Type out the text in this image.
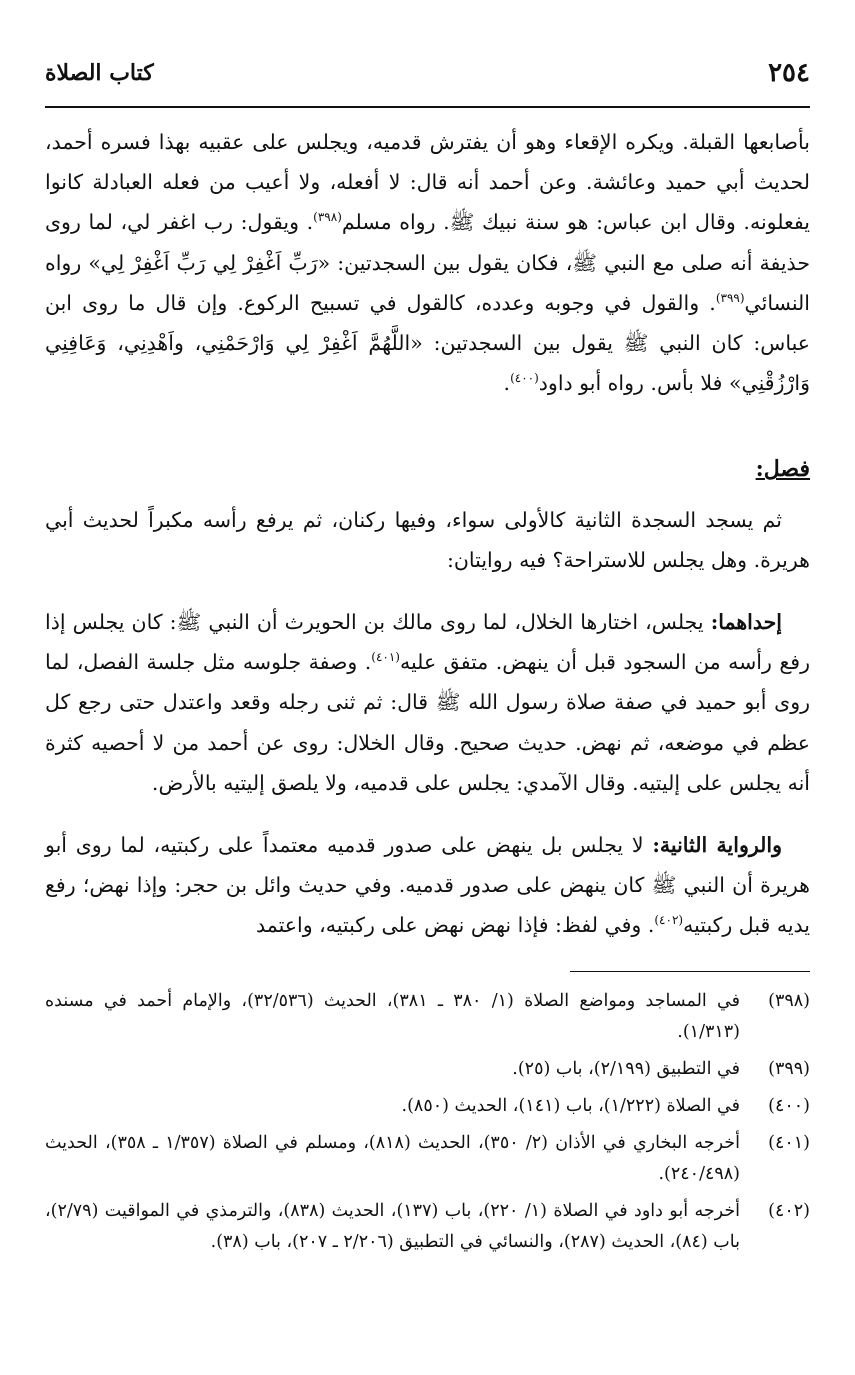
٢٥٤
كتاب الصلاة

بأصابعها القبلة. ويكره الإقعاء وهو أن يفترش قدميه، ويجلس على عقبيه بهذا فسره أحمد، لحديث أبي حميد وعائشة. وعن أحمد أنه قال: لا أفعله، ولا أعيب من فعله العبادلة كانوا يفعلونه. وقال ابن عباس: هو سنة نبيك ﷺ. رواه مسلم$^{(٣٩٨)}$. ويقول: رب اغفر لي، لما روى حذيفة أنه صلى مع النبي ﷺ، فكان يقول بين السجدتين: «رَبِّ اَغْفِرْ لِي رَبِّ اَغْفِرْ لِي» رواه النسائي$^{(٣٩٩)}$. والقول في وجوبه وعدده، كالقول في تسبيح الركوع. وإن قال ما روى ابن عباس: كان النبي ﷺ يقول بين السجدتين: «اللَّهُمَّ اَغْفِرْ لِي وَارْحَمْنِي، واَهْدِنِي، وَعَافِنِي وَارْزُقْنِي» فلا بأس. رواه أبو داود$^{(٤٠٠)}$.

فصل:

ثم يسجد السجدة الثانية كالأولى سواء، وفيها ركنان، ثم يرفع رأسه مكبراً لحديث أبي هريرة. وهل يجلس للاستراحة؟ فيه روايتان:

إحداهما: يجلس، اختارها الخلال، لما روى مالك بن الحويرث أن النبي ﷺ: كان يجلس إذا رفع رأسه من السجود قبل أن ينهض. متفق عليه$^{(٤٠١)}$. وصفة جلوسه مثل جلسة الفصل، لما روى أبو حميد في صفة صلاة رسول الله ﷺ قال: ثم ثنى رجله وقعد واعتدل حتى رجع كل عظم في موضعه، ثم نهض. حديث صحيح. وقال الخلال: روى عن أحمد من لا أحصيه كثرة أنه يجلس على إليتيه. وقال الآمدي: يجلس على قدميه، ولا يلصق إليتيه بالأرض.

والرواية الثانية: لا يجلس بل ينهض على صدور قدميه معتمداً على ركبتيه، لما روى أبو هريرة أن النبي ﷺ كان ينهض على صدور قدميه. وفي حديث وائل بن حجر: وإذا نهض؛ رفع يديه قبل ركبتيه$^{(٤٠٢)}$. وفي لفظ: فإذا نهض نهض على ركبتيه، واعتمد

(٣٩٨)
في المساجد ومواضع الصلاة (١/ ٣٨٠ ـ ٣٨١)، الحديث (٣٢/٥٣٦)، والإمام أحمد في مسنده (١/٣١٣).
(٣٩٩)
في التطبيق (٢/١٩٩)، باب (٢٥).
(٤٠٠)
في الصلاة (١/٢٢٢)، باب (١٤١)، الحديث (٨٥٠).
(٤٠١)
أخرجه البخاري في الأذان (٢/ ٣٥٠)، الحديث (٨١٨)، ومسلم في الصلاة (١/٣٥٧ ـ ٣٥٨)، الحديث (٢٤٠/٤٩٨).
(٤٠٢)
أخرجه أبو داود في الصلاة (١/ ٢٢٠)، باب (١٣٧)، الحديث (٨٣٨)، والترمذي في المواقيت (٢/٧٩)، باب (٨٤)، الحديث (٢٨٧)، والنسائي في التطبيق (٢/٢٠٦ ـ ٢٠٧)، باب (٣٨).
